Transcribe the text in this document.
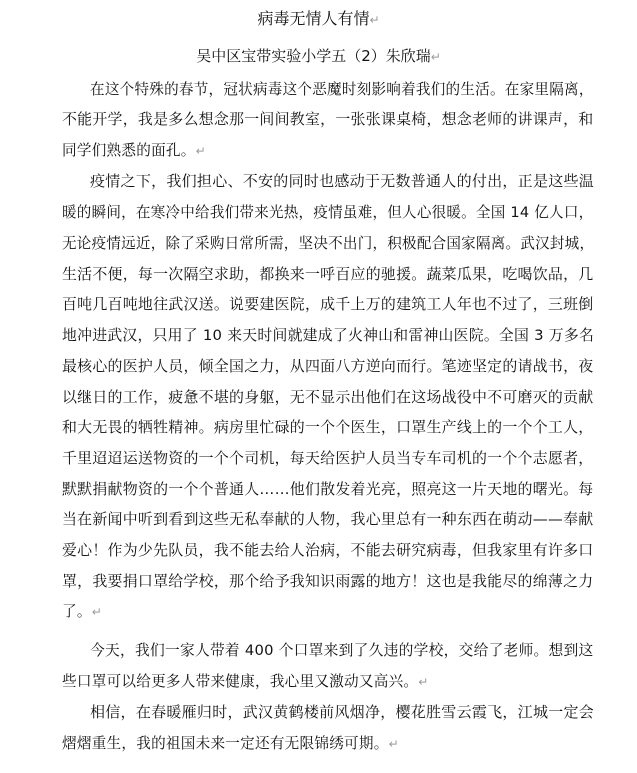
病毒无情人有情↵
吴中区宝带实验小学五（2）朱欣瑞↵
在这个特殊的春节，冠状病毒这个恶魔时刻影响着我们的生活。在家里隔离，
不能开学，我是多么想念那一间间教室，一张张课桌椅，想念老师的讲课声，和
同学们熟悉的面孔。↵
疫情之下，我们担心、不安的同时也感动于无数普通人的付出，正是这些温
暖的瞬间，在寒冷中给我们带来光热，疫情虽难，但人心很暖。全国 14 亿人口，
无论疫情远近，除了采购日常所需，坚决不出门，积极配合国家隔离。武汉封城，
生活不便，每一次隔空求助，都换来一呼百应的驰援。蔬菜瓜果，吃喝饮品，几
百吨几百吨地往武汉送。说要建医院，成千上万的建筑工人年也不过了，三班倒
地冲进武汉，只用了 10 来天时间就建成了火神山和雷神山医院。全国 3 万多名
最核心的医护人员，倾全国之力，从四面八方逆向而行。笔迹坚定的请战书，夜
以继日的工作，疲惫不堪的身躯，无不显示出他们在这场战役中不可磨灭的贡献
和大无畏的牺牲精神。病房里忙碌的一个个医生，口罩生产线上的一个个工人，
千里迢迢运送物资的一个个司机，每天给医护人员当专车司机的一个个志愿者，
默默捐献物资的一个个普通人……他们散发着光亮，照亮这一片天地的曙光。每
当在新闻中听到看到这些无私奉献的人物，我心里总有一种东西在萌动——奉献
爱心！作为少先队员，我不能去给人治病，不能去研究病毒，但我家里有许多口
罩，我要捐口罩给学校，那个给予我知识雨露的地方！这也是我能尽的绵薄之力
了。↵
今天，我们一家人带着 400 个口罩来到了久违的学校，交给了老师。想到这
些口罩可以给更多人带来健康，我心里又激动又高兴。↵
相信，在春暖雁归时，武汉黄鹤楼前风烟净，樱花胜雪云霞飞，江城一定会
熠熠重生，我的祖国未来一定还有无限锦绣可期。↵
